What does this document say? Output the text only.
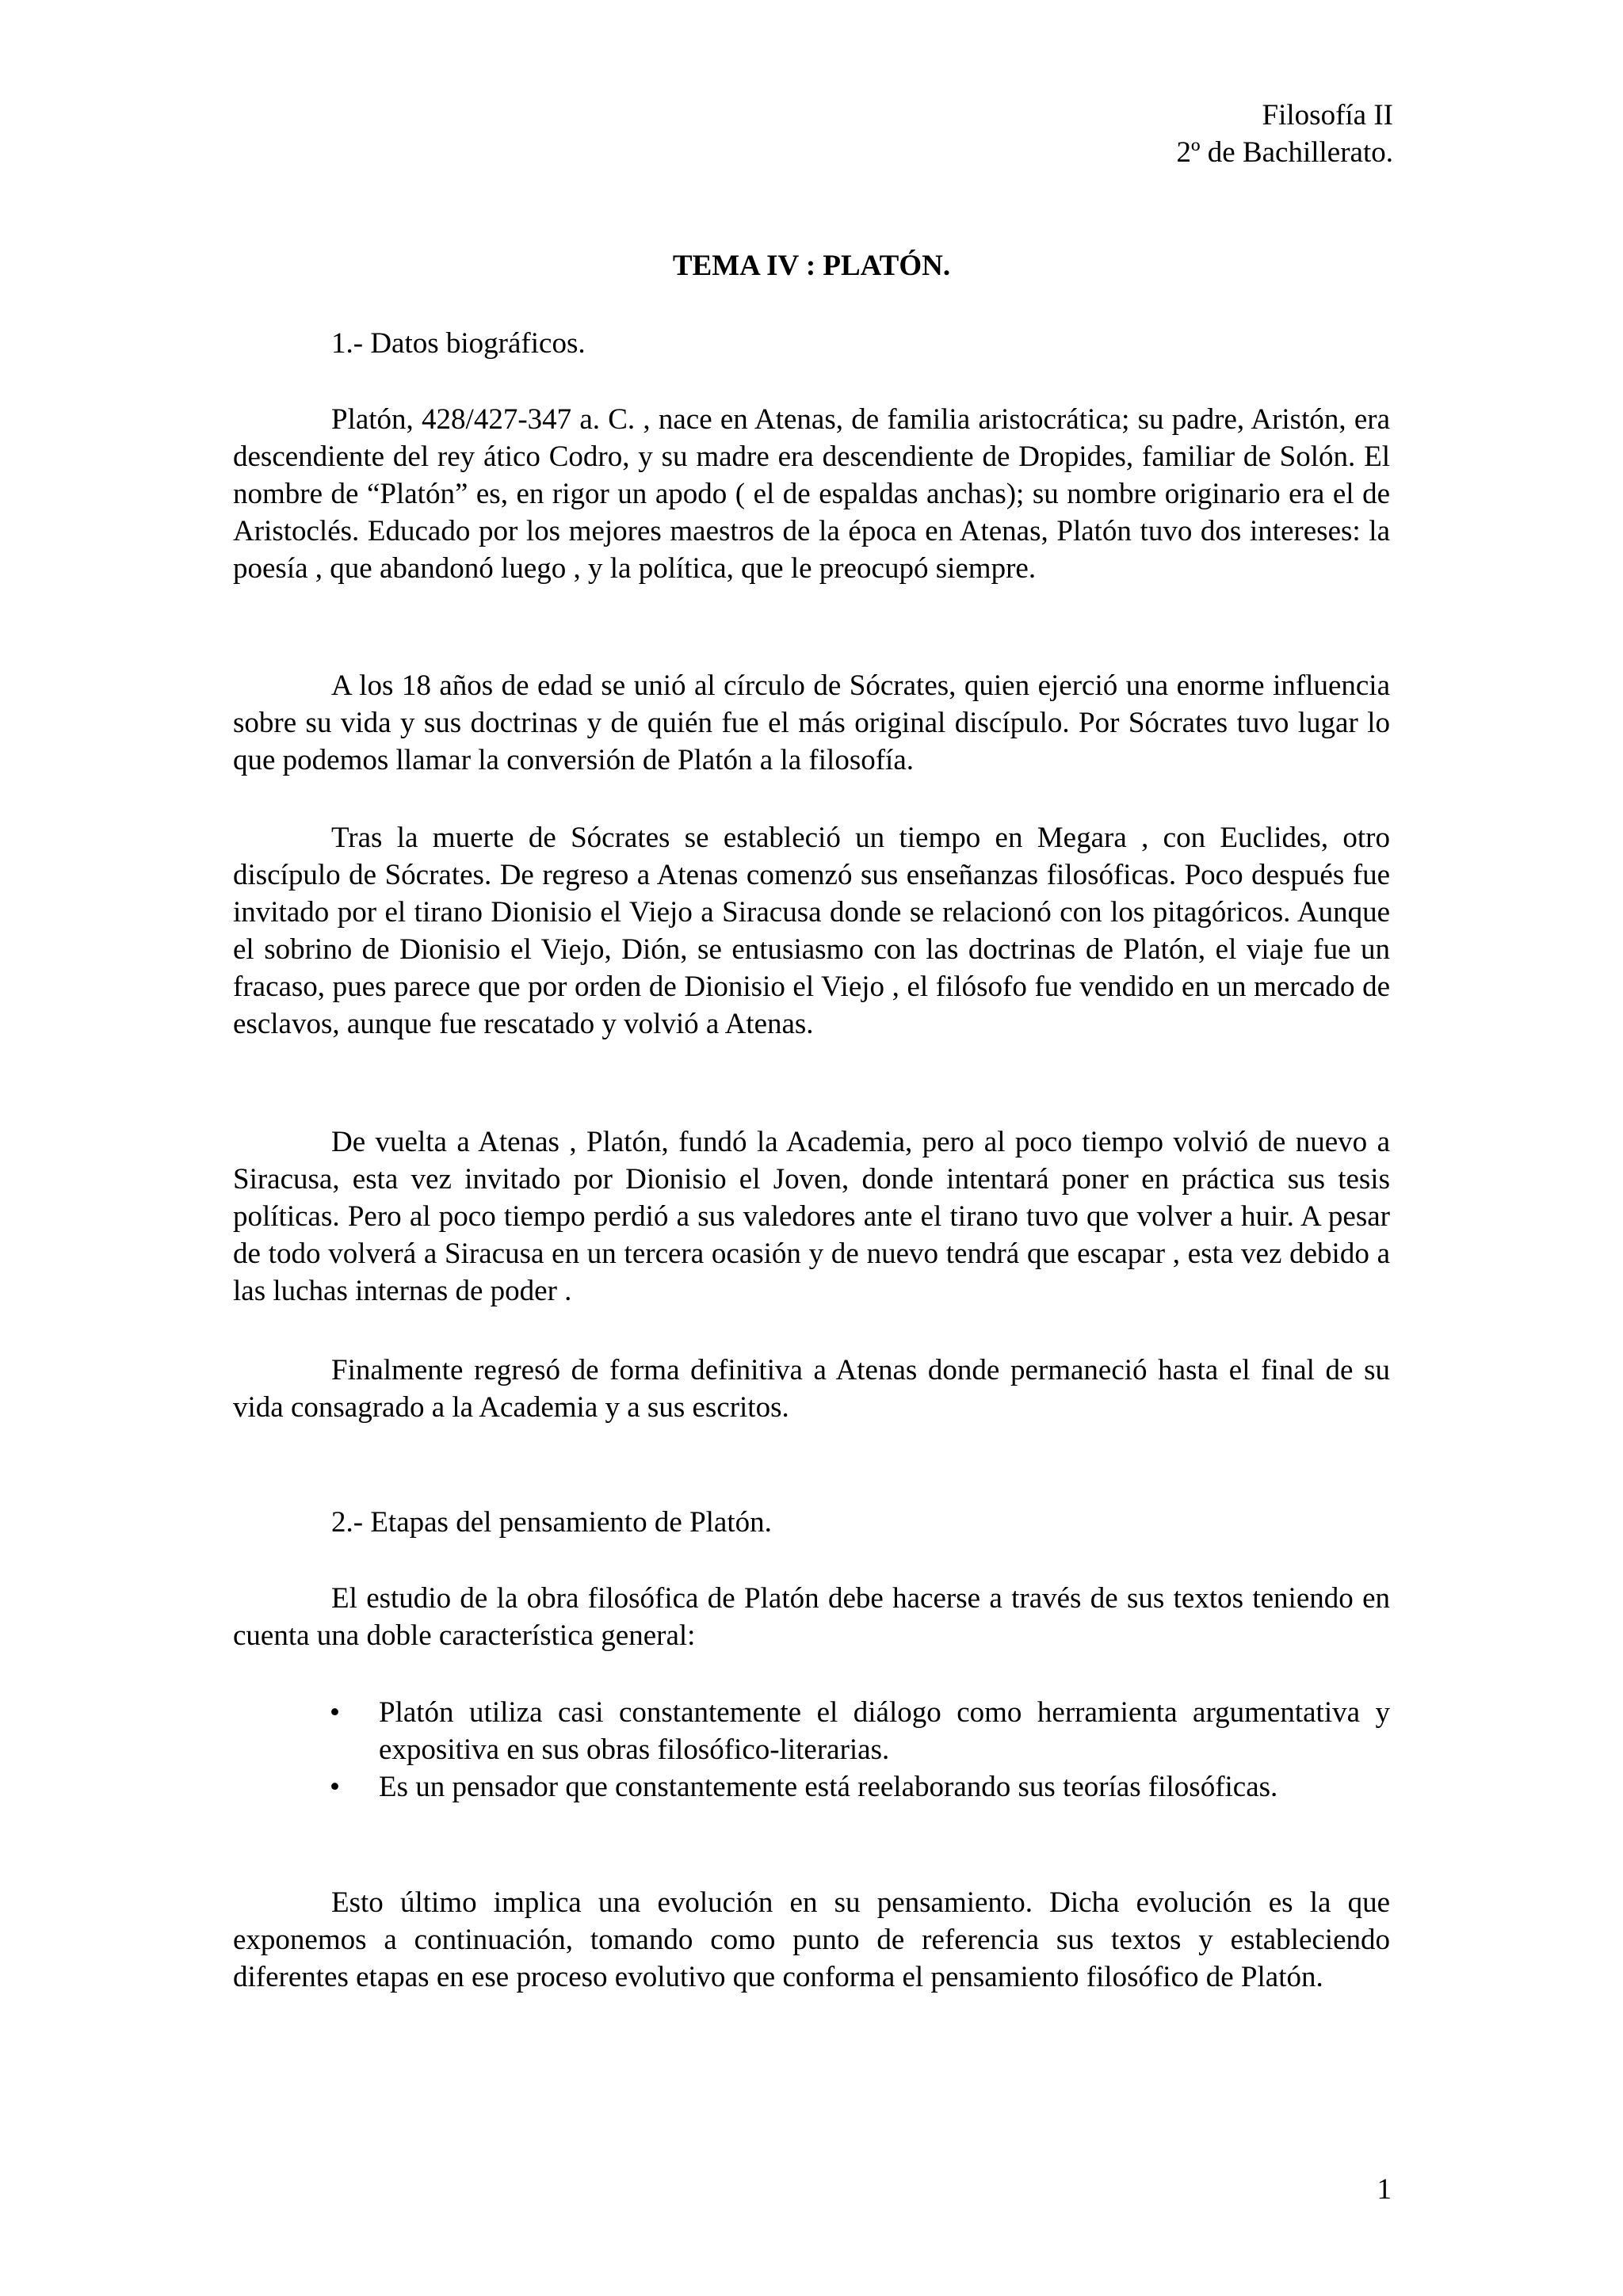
Filosofía II
2º de Bachillerato.
TEMA IV : PLATÓN.
1.- Datos biográficos.

Platón, 428/427-347 a. C. , nace en Atenas, de familia aristocrática; su padre, Aristón, era descendiente del rey ático Codro, y su madre era descendiente de Dropides, familiar de Solón. El nombre de “Platón” es, en rigor un apodo ( el de espaldas anchas); su nombre originario era el de Aristoclés. Educado por los mejores maestros de la época en Atenas, Platón tuvo dos intereses: la poesía , que abandonó luego , y la política, que le preocupó siempre.

A los 18 años de edad se unió al círculo de Sócrates, quien ejerció una enorme influencia sobre su vida y sus doctrinas y de quién fue el más original discípulo. Por Sócrates tuvo lugar lo que podemos llamar la conversión de Platón a la filosofía.

Tras la muerte de Sócrates se estableció un tiempo en Megara , con Euclides, otro discípulo de Sócrates. De regreso a Atenas comenzó sus enseñanzas filosóficas. Poco después fue invitado por el tirano Dionisio el Viejo a Siracusa donde se relacionó con los pitagóricos. Aunque el sobrino de Dionisio el Viejo, Dión, se entusiasmo con las doctrinas de Platón, el viaje fue un fracaso, pues parece que por orden de Dionisio el Viejo , el filósofo fue vendido en un mercado de esclavos, aunque fue rescatado y volvió a Atenas.

De vuelta a Atenas , Platón, fundó la Academia, pero al poco tiempo volvió de nuevo a Siracusa, esta vez invitado por Dionisio el Joven, donde intentará poner en práctica sus tesis políticas. Pero al poco tiempo perdió a sus valedores ante el tirano tuvo que volver a huir. A pesar de todo volverá a Siracusa en un tercera ocasión y de nuevo tendrá que escapar , esta vez debido a las luchas internas de poder .

Finalmente regresó de forma definitiva a Atenas donde permaneció hasta el final de su vida consagrado a la Academia y a sus escritos.

2.- Etapas del pensamiento de Platón.

El estudio de la obra filosófica de Platón debe hacerse a través de sus textos teniendo en cuenta una doble característica general:

• Platón utiliza casi constantemente el diálogo como herramienta argumentativa y expositiva en sus obras filosófico-literarias.
• Es un pensador que constantemente está reelaborando sus teorías filosóficas.

Esto último implica una evolución en su pensamiento. Dicha evolución es la que exponemos a continuación, tomando como punto de referencia sus textos y estableciendo diferentes etapas en ese proceso evolutivo que conforma el pensamiento filosófico de Platón.

1
